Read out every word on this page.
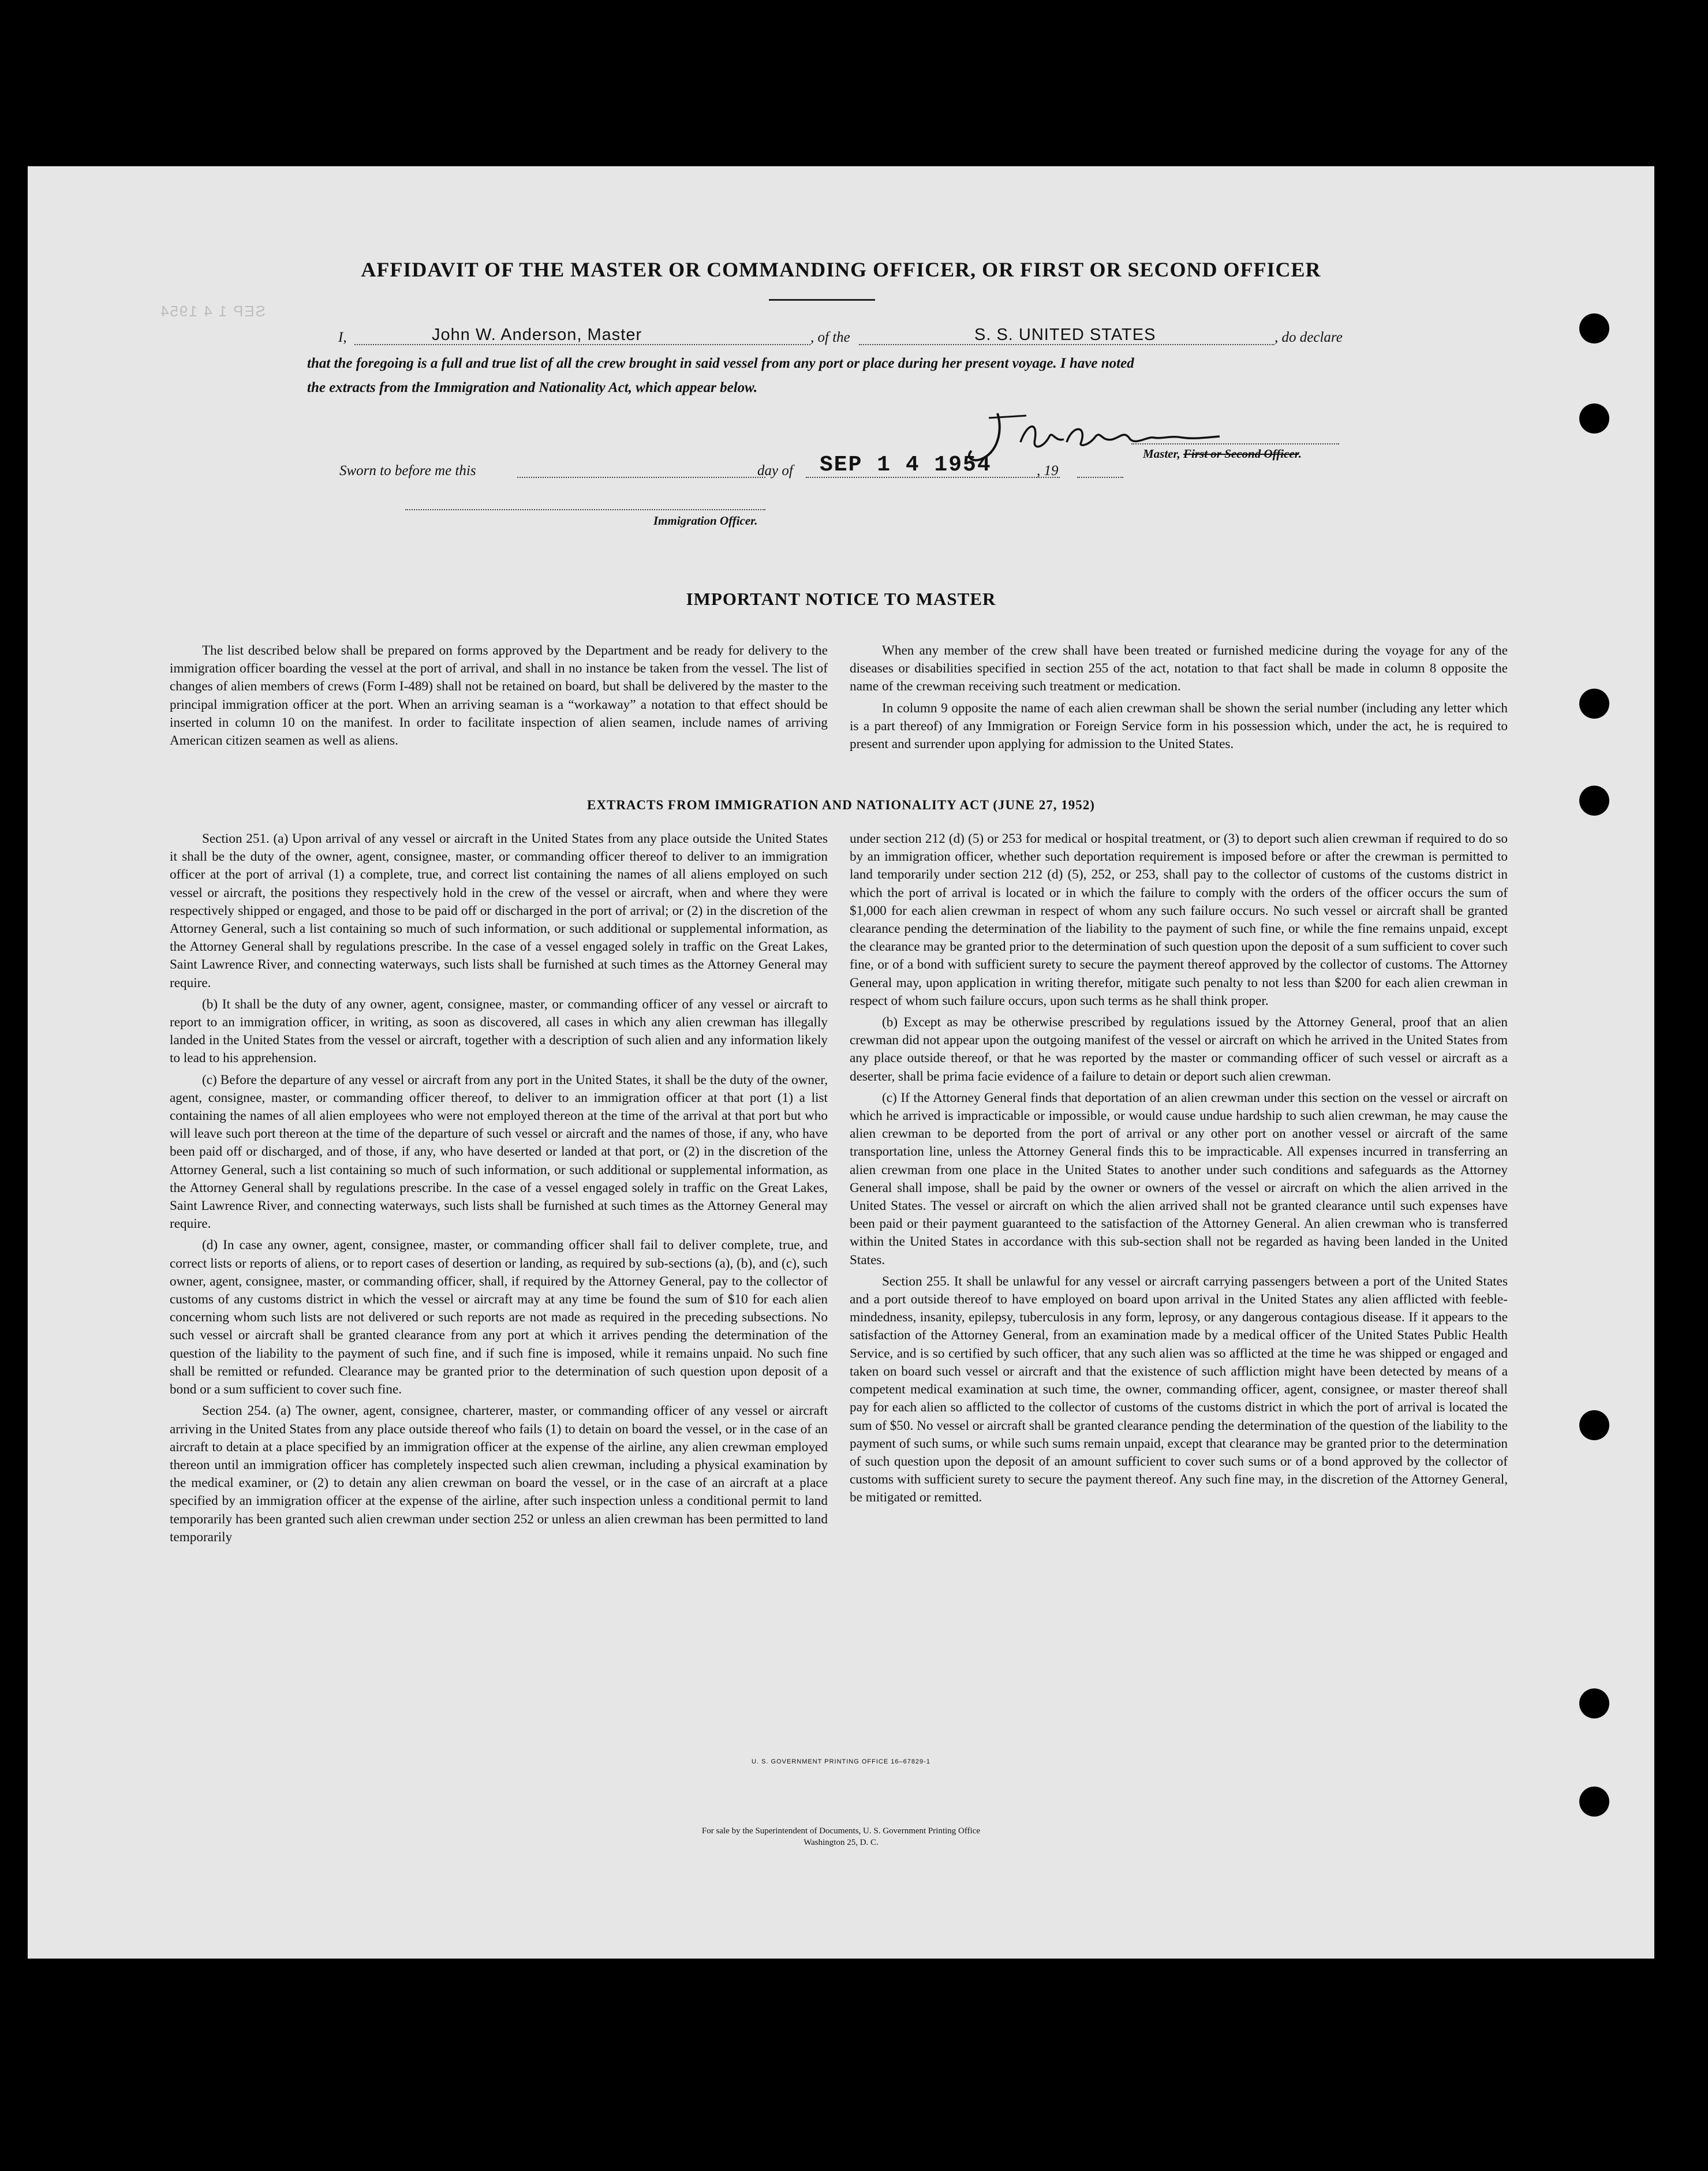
SEP 1 4 1954
AFFIDAVIT OF THE MASTER OR COMMANDING OFFICER, OR FIRST OR SECOND OFFICER
I,	John W. Anderson, Master	, of the	S. S. UNITED STATES	, do declare
that the foregoing is a full and true list of all the crew brought in said vessel from any port or place during her present voyage. I have noted
the extracts from the Immigration and Nationality Act, which appear below.
Master, First or Second Officer.
Sworn to before me this	day of SEP 1 4 1954	, 19
Immigration Officer.
IMPORTANT NOTICE TO MASTER

The list described below shall be prepared on forms approved by the Department and be ready for delivery to the immigration officer boarding the vessel at the port of arrival, and shall in no instance be taken from the vessel. The list of changes of alien members of crews (Form I-489) shall not be retained on board, but shall be delivered by the master to the principal immigration officer at the port. When an arriving seaman is a “workaway” a notation to that effect should be inserted in column 10 on the manifest. In order to facilitate inspection of alien seamen, include names of arriving American citizen seamen as well as aliens.

When any member of the crew shall have been treated or furnished medicine during the voyage for any of the diseases or disabilities specified in section 255 of the act, notation to that fact shall be made in column 8 opposite the name of the crewman receiving such treatment or medication.

In column 9 opposite the name of each alien crewman shall be shown the serial number (including any letter which is a part thereof) of any Immigration or Foreign Service form in his possession which, under the act, he is required to present and surrender upon applying for admission to the United States.

EXTRACTS FROM IMMIGRATION AND NATIONALITY ACT (JUNE 27, 1952)

Section 251. (a) Upon arrival of any vessel or aircraft in the United States from any place outside the United States it shall be the duty of the owner, agent, consignee, master, or commanding officer thereof to deliver to an immigration officer at the port of arrival (1) a complete, true, and correct list containing the names of all aliens employed on such vessel or aircraft, the positions they respectively hold in the crew of the vessel or aircraft, when and where they were respectively shipped or engaged, and those to be paid off or discharged in the port of arrival; or (2) in the discretion of the Attorney General, such a list containing so much of such information, or such additional or supplemental information, as the Attorney General shall by regulations prescribe. In the case of a vessel engaged solely in traffic on the Great Lakes, Saint Lawrence River, and connecting waterways, such lists shall be furnished at such times as the Attorney General may require.

(b) It shall be the duty of any owner, agent, consignee, master, or commanding officer of any vessel or aircraft to report to an immigration officer, in writing, as soon as discovered, all cases in which any alien crewman has illegally landed in the United States from the vessel or aircraft, together with a description of such alien and any information likely to lead to his apprehension.

(c) Before the departure of any vessel or aircraft from any port in the United States, it shall be the duty of the owner, agent, consignee, master, or commanding officer thereof, to deliver to an immigration officer at that port (1) a list containing the names of all alien employees who were not employed thereon at the time of the arrival at that port but who will leave such port thereon at the time of the departure of such vessel or aircraft and the names of those, if any, who have been paid off or discharged, and of those, if any, who have deserted or landed at that port, or (2) in the discretion of the Attorney General, such a list containing so much of such information, or such additional or supplemental information, as the Attorney General shall by regulations prescribe. In the case of a vessel engaged solely in traffic on the Great Lakes, Saint Lawrence River, and connecting waterways, such lists shall be furnished at such times as the Attorney General may require.

(d) In case any owner, agent, consignee, master, or commanding officer shall fail to deliver complete, true, and correct lists or reports of aliens, or to report cases of desertion or landing, as required by sub-sections (a), (b), and (c), such owner, agent, consignee, master, or commanding officer, shall, if required by the Attorney General, pay to the collector of customs of any customs district in which the vessel or aircraft may at any time be found the sum of $10 for each alien concerning whom such lists are not delivered or such reports are not made as required in the preceding subsections. No such vessel or aircraft shall be granted clearance from any port at which it arrives pending the determination of the question of the liability to the payment of such fine, and if such fine is imposed, while it remains unpaid. No such fine shall be remitted or refunded. Clearance may be granted prior to the determination of such question upon deposit of a bond or a sum sufficient to cover such fine.

Section 254. (a) The owner, agent, consignee, charterer, master, or commanding officer of any vessel or aircraft arriving in the United States from any place outside thereof who fails (1) to detain on board the vessel, or in the case of an aircraft to detain at a place specified by an immigration officer at the expense of the airline, any alien crewman employed thereon until an immigration officer has completely inspected such alien crewman, including a physical examination by the medical examiner, or (2) to detain any alien crewman on board the vessel, or in the case of an aircraft at a place specified by an immigration officer at the expense of the airline, after such inspection unless a conditional permit to land temporarily has been granted such alien crewman under section 252 or unless an alien crewman has been permitted to land temporarily

under section 212 (d) (5) or 253 for medical or hospital treatment, or (3) to deport such alien crewman if required to do so by an immigration officer, whether such deportation requirement is imposed before or after the crewman is permitted to land temporarily under section 212 (d) (5), 252, or 253, shall pay to the collector of customs of the customs district in which the port of arrival is located or in which the failure to comply with the orders of the officer occurs the sum of $1,000 for each alien crewman in respect of whom any such failure occurs. No such vessel or aircraft shall be granted clearance pending the determination of the liability to the payment of such fine, or while the fine remains unpaid, except the clearance may be granted prior to the determination of such question upon the deposit of a sum sufficient to cover such fine, or of a bond with sufficient surety to secure the payment thereof approved by the collector of customs. The Attorney General may, upon application in writing therefor, mitigate such penalty to not less than $200 for each alien crewman in respect of whom such failure occurs, upon such terms as he shall think proper.

(b) Except as may be otherwise prescribed by regulations issued by the Attorney General, proof that an alien crewman did not appear upon the outgoing manifest of the vessel or aircraft on which he arrived in the United States from any place outside thereof, or that he was reported by the master or commanding officer of such vessel or aircraft as a deserter, shall be prima facie evidence of a failure to detain or deport such alien crewman.

(c) If the Attorney General finds that deportation of an alien crewman under this section on the vessel or aircraft on which he arrived is impracticable or impossible, or would cause undue hardship to such alien crewman, he may cause the alien crewman to be deported from the port of arrival or any other port on another vessel or aircraft of the same transportation line, unless the Attorney General finds this to be impracticable. All expenses incurred in transferring an alien crewman from one place in the United States to another under such conditions and safeguards as the Attorney General shall impose, shall be paid by the owner or owners of the vessel or aircraft on which the alien arrived in the United States. The vessel or aircraft on which the alien arrived shall not be granted clearance until such expenses have been paid or their payment guaranteed to the satisfaction of the Attorney General. An alien crewman who is transferred within the United States in accordance with this sub-section shall not be regarded as having been landed in the United States.

Section 255. It shall be unlawful for any vessel or aircraft carrying passengers between a port of the United States and a port outside thereof to have employed on board upon arrival in the United States any alien afflicted with feeble-mindedness, insanity, epilepsy, tuberculosis in any form, leprosy, or any dangerous contagious disease. If it appears to the satisfaction of the Attorney General, from an examination made by a medical officer of the United States Public Health Service, and is so certified by such officer, that any such alien was so afflicted at the time he was shipped or engaged and taken on board such vessel or aircraft and that the existence of such affliction might have been detected by means of a competent medical examination at such time, the owner, commanding officer, agent, consignee, or master thereof shall pay for each alien so afflicted to the collector of customs of the customs district in which the port of arrival is located the sum of $50. No vessel or aircraft shall be granted clearance pending the determination of the question of the liability to the payment of such sums, or while such sums remain unpaid, except that clearance may be granted prior to the determination of such question upon the deposit of an amount sufficient to cover such sums or of a bond approved by the collector of customs with sufficient surety to secure the payment thereof. Any such fine may, in the discretion of the Attorney General, be mitigated or remitted.

U. S. GOVERNMENT PRINTING OFFICE 16–67829-1
For sale by the Superintendent of Documents, U. S. Government Printing Office
Washington 25, D. C.
